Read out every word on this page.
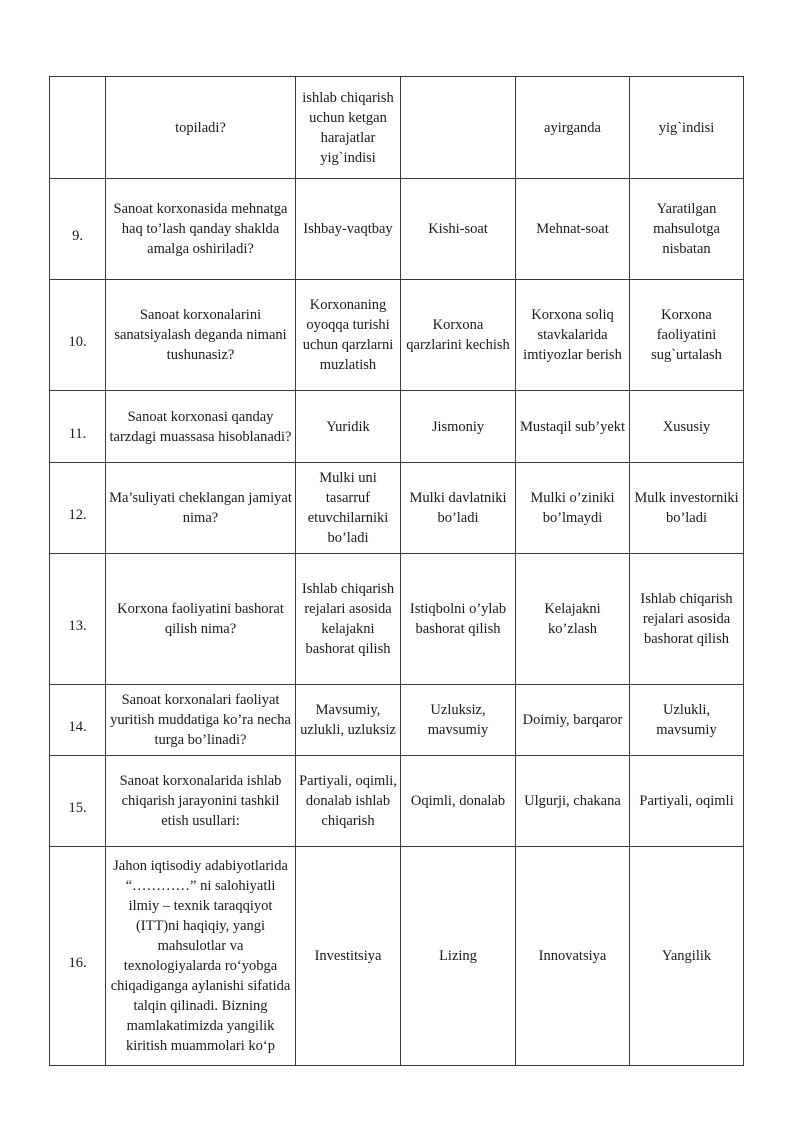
	topiladi?	ishlab chiqarish uchun ketgan harajatlar yig`indisi		ayirganda	yig`indisi

9.	Sanoat korxonasida mehnatga haq to’lash qanday shaklda amalga oshiriladi?	Ishbay-vaqtbay	Kishi-soat	Mehnat-soat	Yaratilgan mahsulotga nisbatan

10.	Sanoat korxonalarini sanatsiyalash deganda nimani tushunasiz?	Korxonaning oyoqqa turishi uchun qarzlarni muzlatish	Korxona qarzlarini kechish	Korxona soliq stavkalarida imtiyozlar berish	Korxona faoliyatini sug`urtalash

11.	Sanoat korxonasi qanday tarzdagi muassasa hisoblanadi?	Yuridik	Jismoniy	Mustaqil sub’yekt	Xususiy

12.	Ma’suliyati cheklangan jamiyat nima?	Mulki uni tasarruf etuvchilarniki bo’ladi	Mulki davlatniki bo’ladi	Mulki o’ziniki bo’lmaydi	Mulk investorniki bo’ladi

13.	Korxona faoliyatini bashorat qilish nima?	Ishlab chiqarish rejalari asosida kelajakni bashorat qilish	Istiqbolni o’ylab bashorat qilish	Kelajakni ko’zlash	Ishlab chiqarish rejalari asosida bashorat qilish

14.	Sanoat korxonalari faoliyat yuritish muddatiga ko’ra necha turga bo’linadi?	Mavsumiy, uzlukli, uzluksiz	Uzluksiz, mavsumiy	Doimiy, barqaror	Uzlukli, mavsumiy

15.	Sanoat korxonalarida ishlab chiqarish jarayonini tashkil etish usullari:	Partiyali, oqimli, donalab ishlab chiqarish	Oqimli, donalab	Ulgurji, chakana	Partiyali, oqimli

16.	Jahon iqtisodiy adabiyotlarida “…………” ni salohiyatli ilmiy – texnik taraqqiyot (ITT)ni haqiqiy, yangi mahsulotlar va texnologiyalarda ro‘yobga chiqadiganga aylanishi sifatida talqin qilinadi. Bizning mamlakatimizda yangilik kiritish muammolari ko‘p	Investitsiya	Lizing	Innovatsiya	Yangilik
